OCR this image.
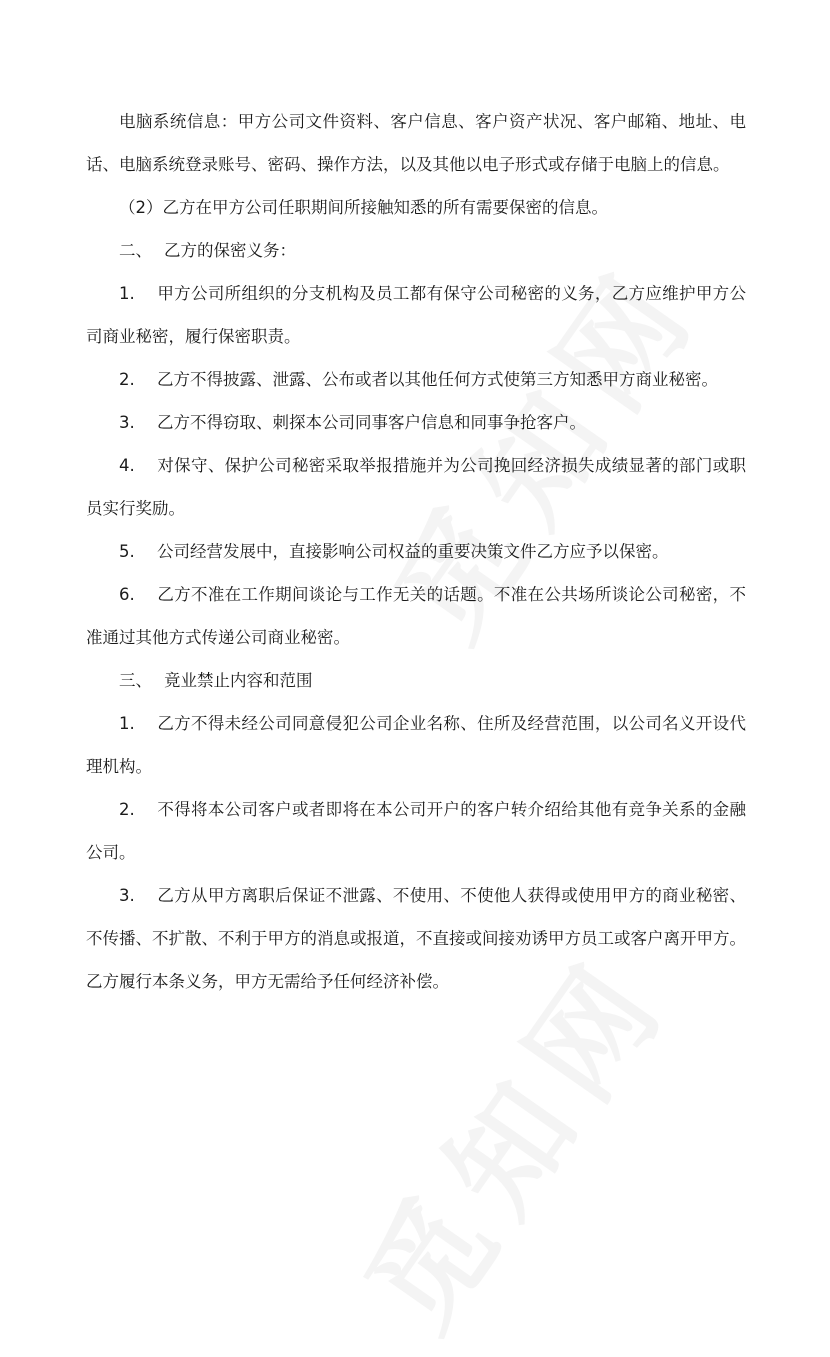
电脑系统信息：甲方公司文件资料、客户信息、客户资产状况、客户邮箱、地址、电话、电脑系统登录账号、密码、操作方法，以及其他以电子形式或存储于电脑上的信息。

（2）乙方在甲方公司任职期间所接触知悉的所有需要保密的信息。

二、 乙方的保密义务：

1. 甲方公司所组织的分支机构及员工都有保守公司秘密的义务，乙方应维护甲方公司商业秘密，履行保密职责。

2. 乙方不得披露、泄露、公布或者以其他任何方式使第三方知悉甲方商业秘密。

3. 乙方不得窃取、刺探本公司同事客户信息和同事争抢客户。

4. 对保守、保护公司秘密采取举报措施并为公司挽回经济损失成绩显著的部门或职员实行奖励。

5. 公司经营发展中，直接影响公司权益的重要决策文件乙方应予以保密。

6. 乙方不准在工作期间谈论与工作无关的话题。不准在公共场所谈论公司秘密，不准通过其他方式传递公司商业秘密。

三、 竟业禁止内容和范围

1. 乙方不得未经公司同意侵犯公司企业名称、住所及经营范围，以公司名义开设代理机构。

2. 不得将本公司客户或者即将在本公司开户的客户转介绍给其他有竞争关系的金融公司。

3. 乙方从甲方离职后保证不泄露、不使用、不使他人获得或使用甲方的商业秘密、不传播、不扩散、不利于甲方的消息或报道，不直接或间接劝诱甲方员工或客户离开甲方。乙方履行本条义务，甲方无需给予任何经济补偿。
